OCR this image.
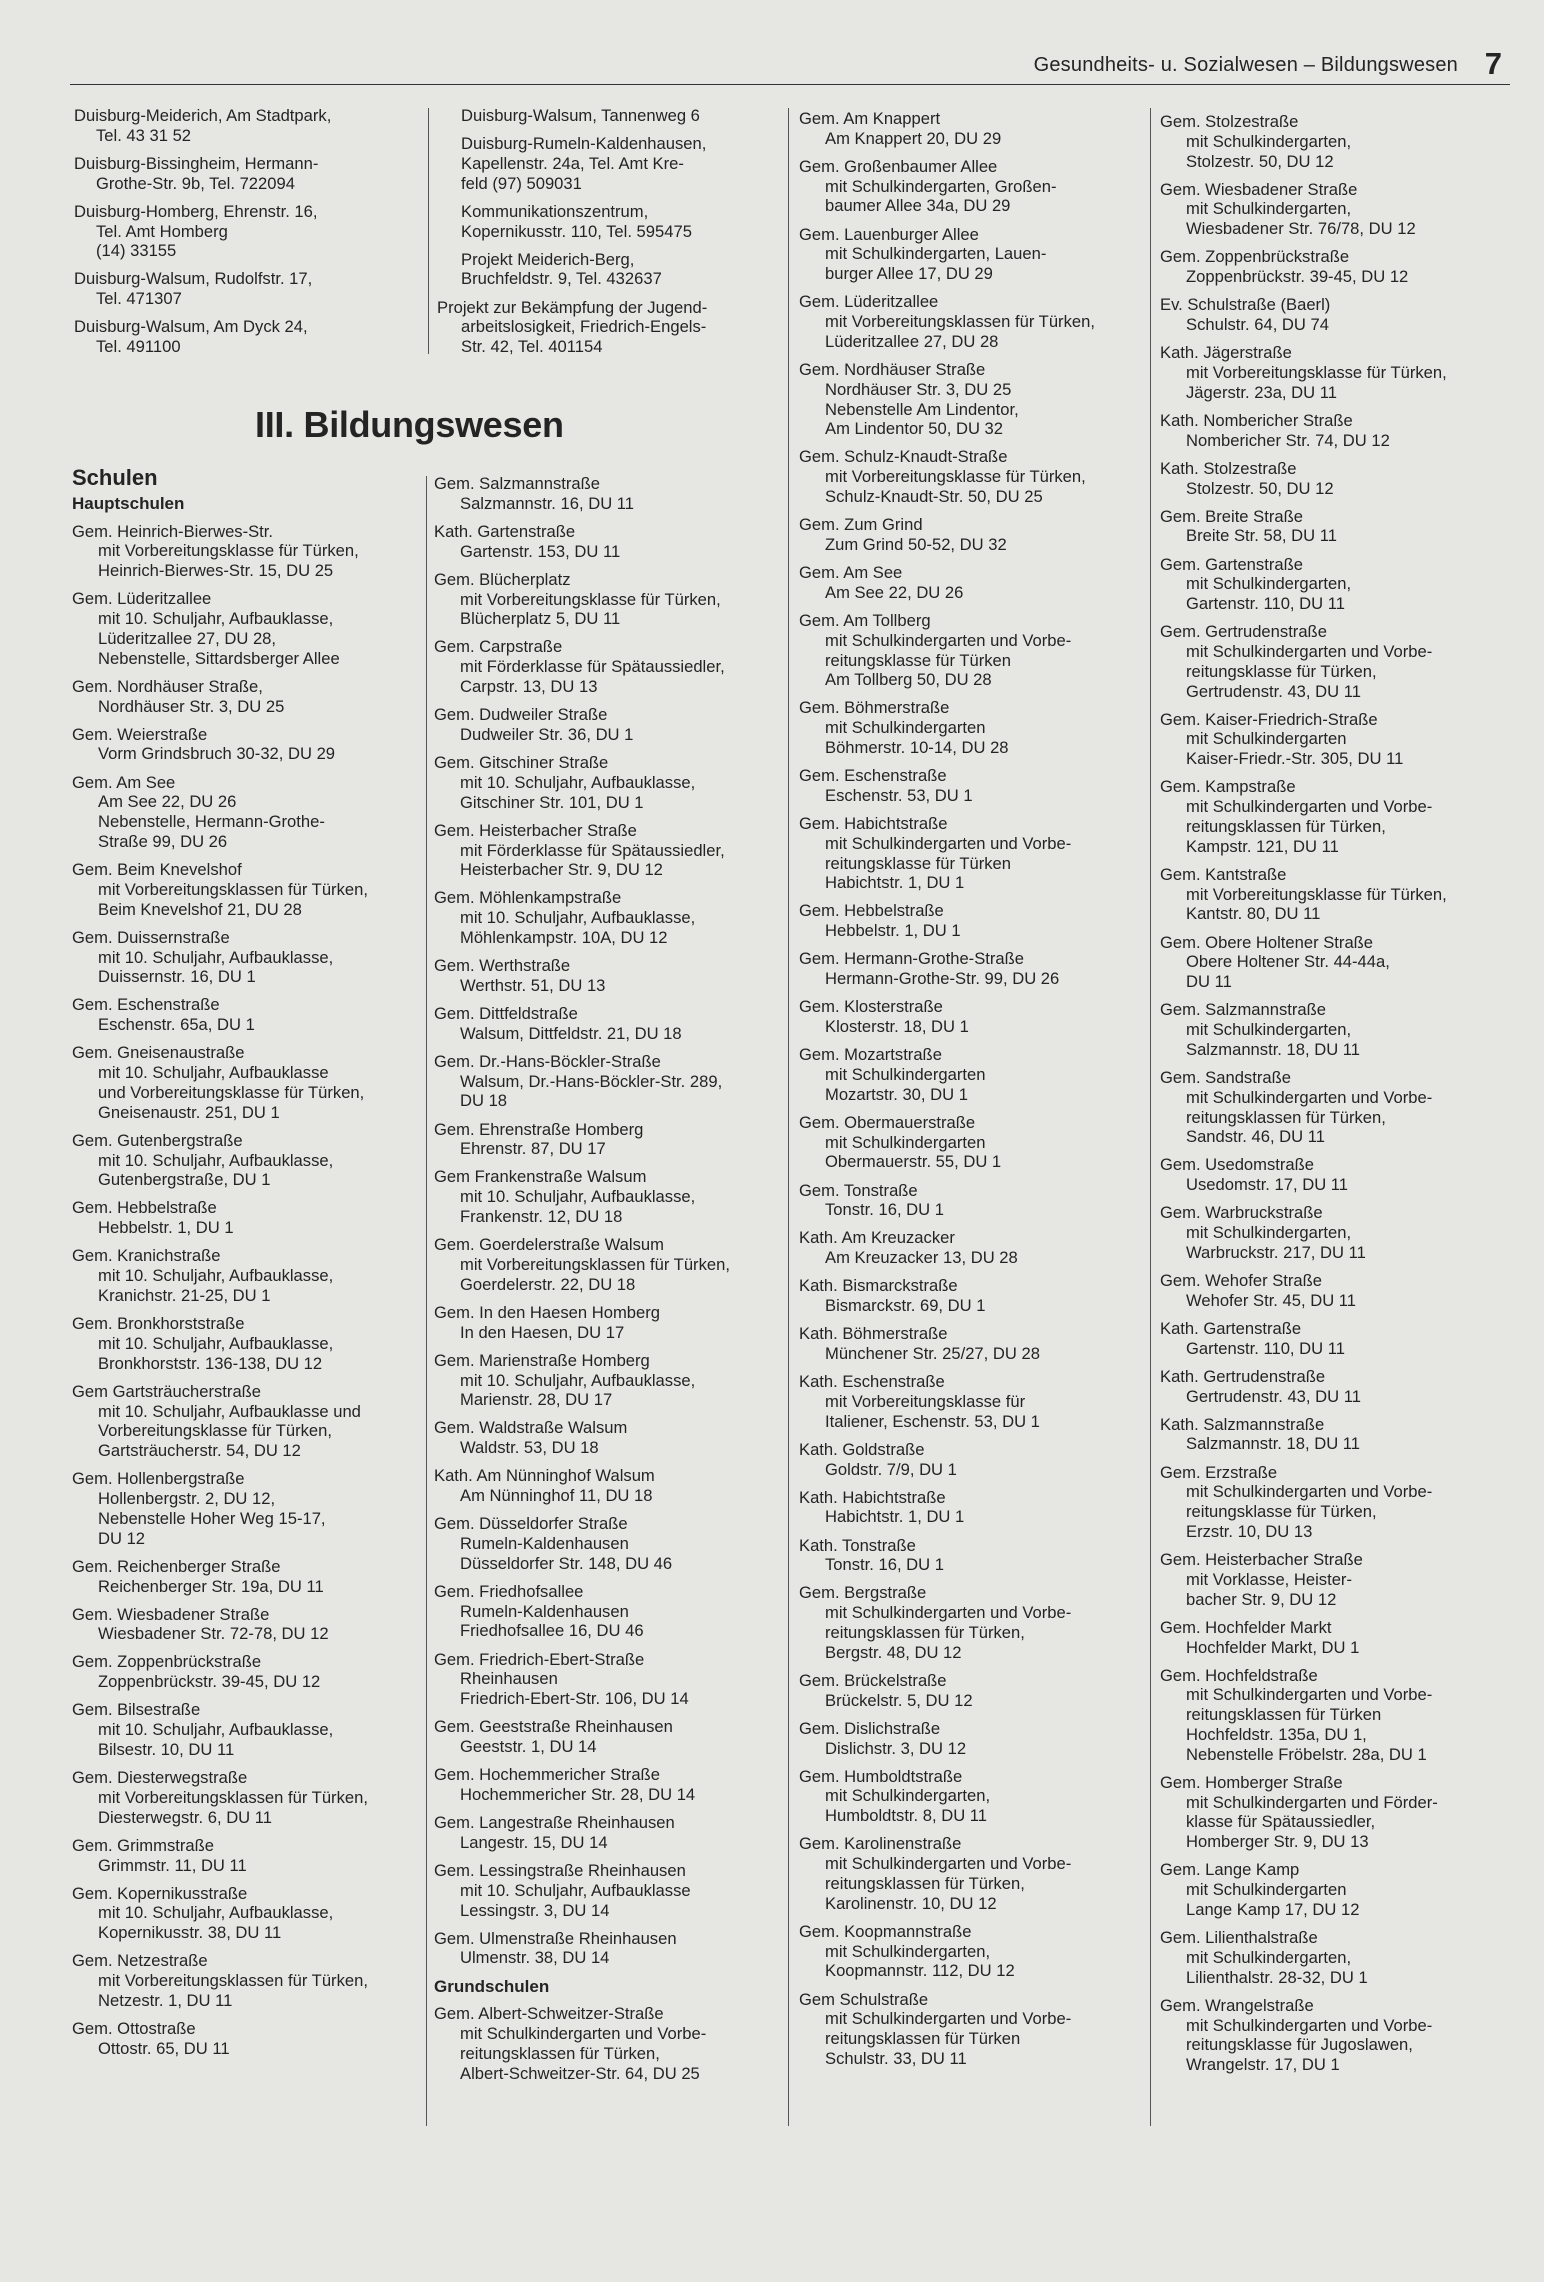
Gesundheits- u. Sozialwesen – Bildungswesen 7
Duisburg-Meiderich, Am Stadtpark,
Tel. 43 31 52
Duisburg-Bissingheim, Hermann-
Grothe-Str. 9b, Tel. 722094
Duisburg-Homberg, Ehrenstr. 16,
Tel. Amt Homberg
(14) 33155
Duisburg-Walsum, Rudolfstr. 17,
Tel. 471307
Duisburg-Walsum, Am Dyck 24,
Tel. 491100
Duisburg-Walsum, Tannenweg 6
Duisburg-Rumeln-Kaldenhausen,
Kapellenstr. 24a, Tel. Amt Kre-
feld (97) 509031
Kommunikationszentrum,
Kopernikusstr. 110, Tel. 595475
Projekt Meiderich-Berg,
Bruchfeldstr. 9, Tel. 432637
Projekt zur Bekämpfung der Jugend-
arbeitslosigkeit, Friedrich-Engels-
Str. 42, Tel. 401154
III. Bildungswesen
Schulen
Hauptschulen
Gem. Heinrich-Bierwes-Str.
mit Vorbereitungsklasse für Türken,
Heinrich-Bierwes-Str. 15, DU 25
Gem. Lüderitzallee
mit 10. Schuljahr, Aufbauklasse,
Lüderitzallee 27, DU 28,
Nebenstelle, Sittardsberger Allee
Gem. Nordhäuser Straße,
Nordhäuser Str. 3, DU 25
Gem. Weierstraße
Vorm Grindsbruch 30-32, DU 29
Gem. Am See
Am See 22, DU 26
Nebenstelle, Hermann-Grothe-
Straße 99, DU 26
Gem. Beim Knevelshof
mit Vorbereitungsklassen für Türken,
Beim Knevelshof 21, DU 28
Gem. Duissernstraße
mit 10. Schuljahr, Aufbauklasse,
Duissernstr. 16, DU 1
Gem. Eschenstraße
Eschenstr. 65a, DU 1
Gem. Gneisenaustraße
mit 10. Schuljahr, Aufbauklasse
und Vorbereitungsklasse für Türken,
Gneisenaustr. 251, DU 1
Gem. Gutenbergstraße
mit 10. Schuljahr, Aufbauklasse,
Gutenbergstraße, DU 1
Gem. Hebbelstraße
Hebbelstr. 1, DU 1
Gem. Kranichstraße
mit 10. Schuljahr, Aufbauklasse,
Kranichstr. 21-25, DU 1
Gem. Bronkhorststraße
mit 10. Schuljahr, Aufbauklasse,
Bronkhorststr. 136-138, DU 12
Gem Gartsträucherstraße
mit 10. Schuljahr, Aufbauklasse und
Vorbereitungsklasse für Türken,
Gartsträucherstr. 54, DU 12
Gem. Hollenbergstraße
Hollenbergstr. 2, DU 12,
Nebenstelle Hoher Weg 15-17,
DU 12
Gem. Reichenberger Straße
Reichenberger Str. 19a, DU 11
Gem. Wiesbadener Straße
Wiesbadener Str. 72-78, DU 12
Gem. Zoppenbrückstraße
Zoppenbrückstr. 39-45, DU 12
Gem. Bilsestraße
mit 10. Schuljahr, Aufbauklasse,
Bilsestr. 10, DU 11
Gem. Diesterwegstraße
mit Vorbereitungsklassen für Türken,
Diesterwegstr. 6, DU 11
Gem. Grimmstraße
Grimmstr. 11, DU 11
Gem. Kopernikusstraße
mit 10. Schuljahr, Aufbauklasse,
Kopernikusstr. 38, DU 11
Gem. Netzestraße
mit Vorbereitungsklassen für Türken,
Netzestr. 1, DU 11
Gem. Ottostraße
Ottostr. 65, DU 11
Gem. Salzmannstraße
Salzmannstr. 16, DU 11
Kath. Gartenstraße
Gartenstr. 153, DU 11
Gem. Blücherplatz
mit Vorbereitungsklasse für Türken,
Blücherplatz 5, DU 11
Gem. Carpstraße
mit Förderklasse für Spätaussiedler,
Carpstr. 13, DU 13
Gem. Dudweiler Straße
Dudweiler Str. 36, DU 1
Gem. Gitschiner Straße
mit 10. Schuljahr, Aufbauklasse,
Gitschiner Str. 101, DU 1
Gem. Heisterbacher Straße
mit Förderklasse für Spätaussiedler,
Heisterbacher Str. 9, DU 12
Gem. Möhlenkampstraße
mit 10. Schuljahr, Aufbauklasse,
Möhlenkampstr. 10A, DU 12
Gem. Werthstraße
Werthstr. 51, DU 13
Gem. Dittfeldstraße
Walsum, Dittfeldstr. 21, DU 18
Gem. Dr.-Hans-Böckler-Straße
Walsum, Dr.-Hans-Böckler-Str. 289,
DU 18
Gem. Ehrenstraße Homberg
Ehrenstr. 87, DU 17
Gem Frankenstraße Walsum
mit 10. Schuljahr, Aufbauklasse,
Frankenstr. 12, DU 18
Gem. Goerdelerstraße Walsum
mit Vorbereitungsklassen für Türken,
Goerdelerstr. 22, DU 18
Gem. In den Haesen Homberg
In den Haesen, DU 17
Gem. Marienstraße Homberg
mit 10. Schuljahr, Aufbauklasse,
Marienstr. 28, DU 17
Gem. Waldstraße Walsum
Waldstr. 53, DU 18
Kath. Am Nünninghof Walsum
Am Nünninghof 11, DU 18
Gem. Düsseldorfer Straße
Rumeln-Kaldenhausen
Düsseldorfer Str. 148, DU 46
Gem. Friedhofsallee
Rumeln-Kaldenhausen
Friedhofsallee 16, DU 46
Gem. Friedrich-Ebert-Straße
Rheinhausen
Friedrich-Ebert-Str. 106, DU 14
Gem. Geeststraße Rheinhausen
Geeststr. 1, DU 14
Gem. Hochemmericher Straße
Hochemmericher Str. 28, DU 14
Gem. Langestraße Rheinhausen
Langestr. 15, DU 14
Gem. Lessingstraße Rheinhausen
mit 10. Schuljahr, Aufbauklasse
Lessingstr. 3, DU 14
Gem. Ulmenstraße Rheinhausen
Ulmenstr. 38, DU 14
Grundschulen
Gem. Albert-Schweitzer-Straße
mit Schulkindergarten und Vorbe-
reitungsklassen für Türken,
Albert-Schweitzer-Str. 64, DU 25
Gem. Am Knappert
Am Knappert 20, DU 29
Gem. Großenbaumer Allee
mit Schulkindergarten, Großen-
baumer Allee 34a, DU 29
Gem. Lauenburger Allee
mit Schulkindergarten, Lauen-
burger Allee 17, DU 29
Gem. Lüderitzallee
mit Vorbereitungsklassen für Türken,
Lüderitzallee 27, DU 28
Gem. Nordhäuser Straße
Nordhäuser Str. 3, DU 25
Nebenstelle Am Lindentor,
Am Lindentor 50, DU 32
Gem. Schulz-Knaudt-Straße
mit Vorbereitungsklasse für Türken,
Schulz-Knaudt-Str. 50, DU 25
Gem. Zum Grind
Zum Grind 50-52, DU 32
Gem. Am See
Am See 22, DU 26
Gem. Am Tollberg
mit Schulkindergarten und Vorbe-
reitungsklasse für Türken
Am Tollberg 50, DU 28
Gem. Böhmerstraße
mit Schulkindergarten
Böhmerstr. 10-14, DU 28
Gem. Eschenstraße
Eschenstr. 53, DU 1
Gem. Habichtstraße
mit Schulkindergarten und Vorbe-
reitungsklasse für Türken
Habichtstr. 1, DU 1
Gem. Hebbelstraße
Hebbelstr. 1, DU 1
Gem. Hermann-Grothe-Straße
Hermann-Grothe-Str. 99, DU 26
Gem. Klosterstraße
Klosterstr. 18, DU 1
Gem. Mozartstraße
mit Schulkindergarten
Mozartstr. 30, DU 1
Gem. Obermauerstraße
mit Schulkindergarten
Obermauerstr. 55, DU 1
Gem. Tonstraße
Tonstr. 16, DU 1
Kath. Am Kreuzacker
Am Kreuzacker 13, DU 28
Kath. Bismarckstraße
Bismarckstr. 69, DU 1
Kath. Böhmerstraße
Münchener Str. 25/27, DU 28
Kath. Eschenstraße
mit Vorbereitungsklasse für
Italiener, Eschenstr. 53, DU 1
Kath. Goldstraße
Goldstr. 7/9, DU 1
Kath. Habichtstraße
Habichtstr. 1, DU 1
Kath. Tonstraße
Tonstr. 16, DU 1
Gem. Bergstraße
mit Schulkindergarten und Vorbe-
reitungsklassen für Türken,
Bergstr. 48, DU 12
Gem. Brückelstraße
Brückelstr. 5, DU 12
Gem. Dislichstraße
Dislichstr. 3, DU 12
Gem. Humboldtstraße
mit Schulkindergarten,
Humboldtstr. 8, DU 11
Gem. Karolinenstraße
mit Schulkindergarten und Vorbe-
reitungsklassen für Türken,
Karolinenstr. 10, DU 12
Gem. Koopmannstraße
mit Schulkindergarten,
Koopmannstr. 112, DU 12
Gem Schulstraße
mit Schulkindergarten und Vorbe-
reitungsklassen für Türken
Schulstr. 33, DU 11
Gem. Stolzestraße
mit Schulkindergarten,
Stolzestr. 50, DU 12
Gem. Wiesbadener Straße
mit Schulkindergarten,
Wiesbadener Str. 76/78, DU 12
Gem. Zoppenbrückstraße
Zoppenbrückstr. 39-45, DU 12
Ev. Schulstraße (Baerl)
Schulstr. 64, DU 74
Kath. Jägerstraße
mit Vorbereitungsklasse für Türken,
Jägerstr. 23a, DU 11
Kath. Nombericher Straße
Nombericher Str. 74, DU 12
Kath. Stolzestraße
Stolzestr. 50, DU 12
Gem. Breite Straße
Breite Str. 58, DU 11
Gem. Gartenstraße
mit Schulkindergarten,
Gartenstr. 110, DU 11
Gem. Gertrudenstraße
mit Schulkindergarten und Vorbe-
reitungsklasse für Türken,
Gertrudenstr. 43, DU 11
Gem. Kaiser-Friedrich-Straße
mit Schulkindergarten
Kaiser-Friedr.-Str. 305, DU 11
Gem. Kampstraße
mit Schulkindergarten und Vorbe-
reitungsklassen für Türken,
Kampstr. 121, DU 11
Gem. Kantstraße
mit Vorbereitungsklasse für Türken,
Kantstr. 80, DU 11
Gem. Obere Holtener Straße
Obere Holtener Str. 44-44a,
DU 11
Gem. Salzmannstraße
mit Schulkindergarten,
Salzmannstr. 18, DU 11
Gem. Sandstraße
mit Schulkindergarten und Vorbe-
reitungsklassen für Türken,
Sandstr. 46, DU 11
Gem. Usedomstraße
Usedomstr. 17, DU 11
Gem. Warbruckstraße
mit Schulkindergarten,
Warbruckstr. 217, DU 11
Gem. Wehofer Straße
Wehofer Str. 45, DU 11
Kath. Gartenstraße
Gartenstr. 110, DU 11
Kath. Gertrudenstraße
Gertrudenstr. 43, DU 11
Kath. Salzmannstraße
Salzmannstr. 18, DU 11
Gem. Erzstraße
mit Schulkindergarten und Vorbe-
reitungsklasse für Türken,
Erzstr. 10, DU 13
Gem. Heisterbacher Straße
mit Vorklasse, Heister-
bacher Str. 9, DU 12
Gem. Hochfelder Markt
Hochfelder Markt, DU 1
Gem. Hochfeldstraße
mit Schulkindergarten und Vorbe-
reitungsklassen für Türken
Hochfeldstr. 135a, DU 1,
Nebenstelle Fröbelstr. 28a, DU 1
Gem. Homberger Straße
mit Schulkindergarten und Förder-
klasse für Spätaussiedler,
Homberger Str. 9, DU 13
Gem. Lange Kamp
mit Schulkindergarten
Lange Kamp 17, DU 12
Gem. Lilienthalstraße
mit Schulkindergarten,
Lilienthalstr. 28-32, DU 1
Gem. Wrangelstraße
mit Schulkindergarten und Vorbe-
reitungsklasse für Jugoslawen,
Wrangelstr. 17, DU 1
